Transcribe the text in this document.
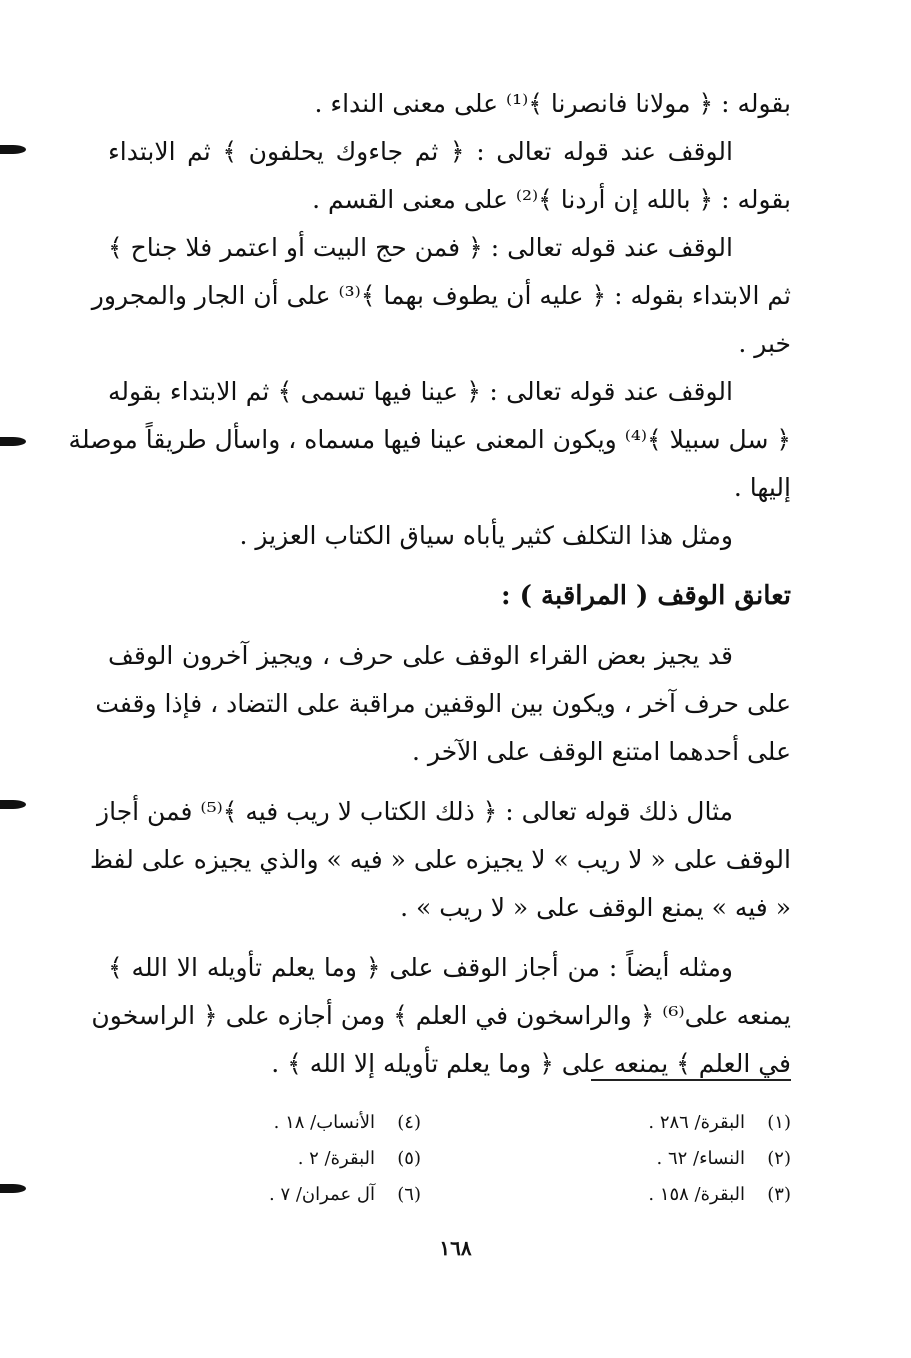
بقوله : ﴿ مولانا فانصرنا ﴾⁽¹⁾ على معنى النداء .
الوقف عند قوله تعالى : ﴿ ثم جاءوك يحلفون ﴾ ثم الابتداء
بقوله : ﴿ بالله إن أردنا ﴾⁽²⁾ على معنى القسم .
الوقف عند قوله تعالى : ﴿ فمن حج البيت أو اعتمر فلا جناح ﴾
ثم الابتداء بقوله : ﴿ عليه أن يطوف بهما ﴾⁽³⁾ على أن الجار والمجرور
خبر .
الوقف عند قوله تعالى : ﴿ عينا فيها تسمى ﴾ ثم الابتداء بقوله
﴿ سل سبيلا ﴾⁽⁴⁾ ويكون المعنى عينا فيها مسماه ، واسأل طريقاً موصلة
إليها .
ومثل هذا التكلف كثير يأباه سياق الكتاب العزيز .
تعانق الوقف ( المراقبة ) :
قد يجيز بعض القراء الوقف على حرف ، ويجيز آخرون الوقف
على حرف آخر ، ويكون بين الوقفين مراقبة على التضاد ، فإذا وقفت
على أحدهما امتنع الوقف على الآخر .
مثال ذلك قوله تعالى : ﴿ ذلك الكتاب لا ريب فيه ﴾⁽⁵⁾ فمن أجاز
الوقف على « لا ريب » لا يجيزه على « فيه » والذي يجيزه على لفظ
« فيه » يمنع الوقف على « لا ريب » .
ومثله أيضاً : من أجاز الوقف على ﴿ وما يعلم تأويله الا الله ﴾
يمنعه على⁽⁶⁾ ﴿ والراسخون في العلم ﴾ ومن أجازه على ﴿ الراسخون
في العلم ﴾ يمنعه على ﴿ وما يعلم تأويله إلا الله ﴾ .
(١)البقرة/ ٢٨٦ .
(٢)النساء/ ٦٢ .
(٣)البقرة/ ١٥٨ .
(٤)الأنساب/ ١٨ .
(٥)البقرة/ ٢ .
(٦)آل عمران/ ٧ .
١٦٨
